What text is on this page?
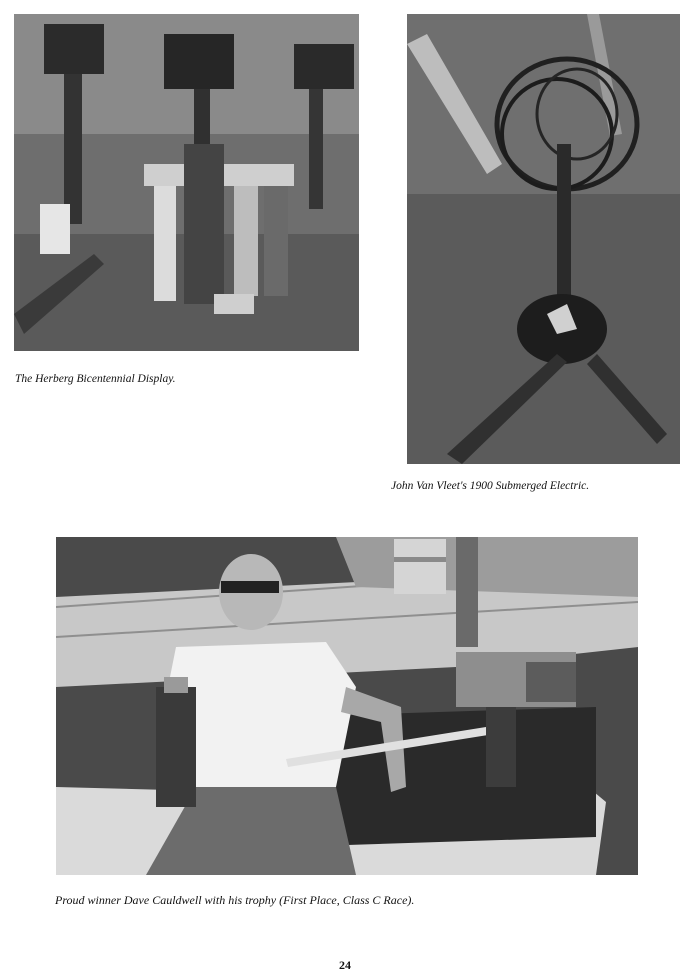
The Herberg Bicentennial Display.
John Van Vleet's 1900 Submerged Electric.
Proud winner Dave Cauldwell with his trophy (First Place, Class C Race).
24
